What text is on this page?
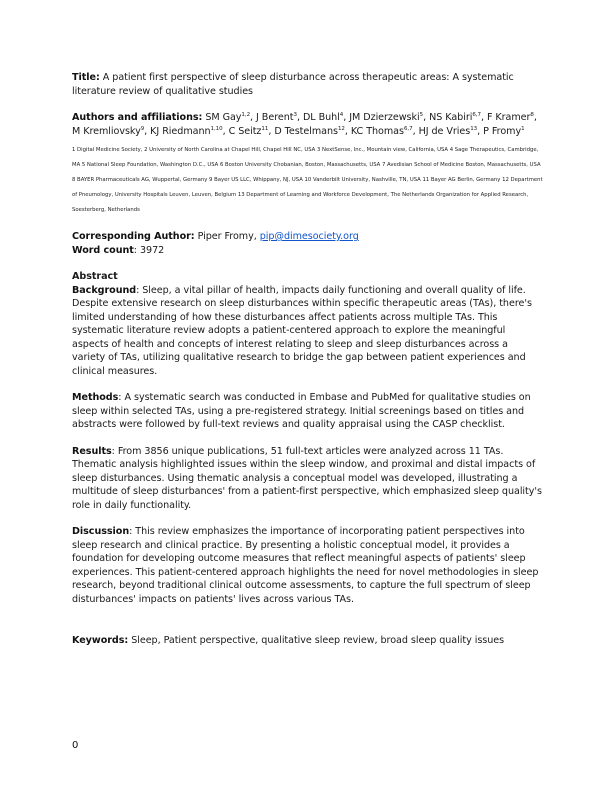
Title: A patient first perspective of sleep disturbance across therapeutic areas: A systematic literature review of qualitative studies

Authors and affiliations: SM Gay$^{1,2}$, J Berent$^3$, DL Buhl$^4$, JM Dzierzewski$^5$, NS Kabiri$^{6,7}$, F Kramer$^8$, M Kremliovsky$^9$, KJ Riedmann$^{1,10}$, C Seitz$^{11}$, D Testelmans$^{12}$, KC Thomas$^{6,7}$, HJ de Vries$^{13}$, P Fromy$^1$

1 Digital Medicine Society, 2 University of North Carolina at Chapel Hill, Chapel Hill NC, USA 3 NextSense, Inc., Mountain view, California, USA 4 Sage Therapeutics, Cambridge, MA 5 National Sleep Foundation, Washington D.C., USA 6 Boston University Chobanian, Boston, Massachusetts, USA 7 Avedisian School of Medicine Boston, Massachusetts, USA 8 BAYER Pharmaceuticals AG, Wuppertal, Germany 9 Bayer US LLC, Whippany, NJ, USA 10 Vanderbilt University, Nashville, TN, USA 11 Bayer AG Berlin, Germany 12 Department of Pneumology, University Hospitals Leuven, Leuven, Belgium 13 Department of Learning and Workforce Development, The Netherlands Organization for Applied Research, Soesterberg, Netherlands

Corresponding Author: Piper Fromy, pip@dimesociety.org

Word count: 3972

Abstract

Background: Sleep, a vital pillar of health, impacts daily functioning and overall quality of life. Despite extensive research on sleep disturbances within specific therapeutic areas (TAs), there's limited understanding of how these disturbances affect patients across multiple TAs. This systematic literature review adopts a patient-centered approach to explore the meaningful aspects of health and concepts of interest relating to sleep and sleep disturbances across a variety of TAs, utilizing qualitative research to bridge the gap between patient experiences and clinical measures.

Methods: A systematic search was conducted in Embase and PubMed for qualitative studies on sleep within selected TAs, using a pre-registered strategy. Initial screenings based on titles and abstracts were followed by full-text reviews and quality appraisal using the CASP checklist.

Results: From 3856 unique publications, 51 full-text articles were analyzed across 11 TAs. Thematic analysis highlighted issues within the sleep window, and proximal and distal impacts of sleep disturbances. Using thematic analysis a conceptual model was developed, illustrating a multitude of sleep disturbances' from a patient-first perspective, which emphasized sleep quality's role in daily functionality.

Discussion: This review emphasizes the importance of incorporating patient perspectives into sleep research and clinical practice. By presenting a holistic conceptual model, it provides a foundation for developing outcome measures that reflect meaningful aspects of patients' sleep experiences. This patient-centered approach highlights the need for novel methodologies in sleep research, beyond traditional clinical outcome assessments, to capture the full spectrum of sleep disturbances' impacts on patients' lives across various TAs.

Keywords: Sleep, Patient perspective, qualitative sleep review, broad sleep quality issues

0
